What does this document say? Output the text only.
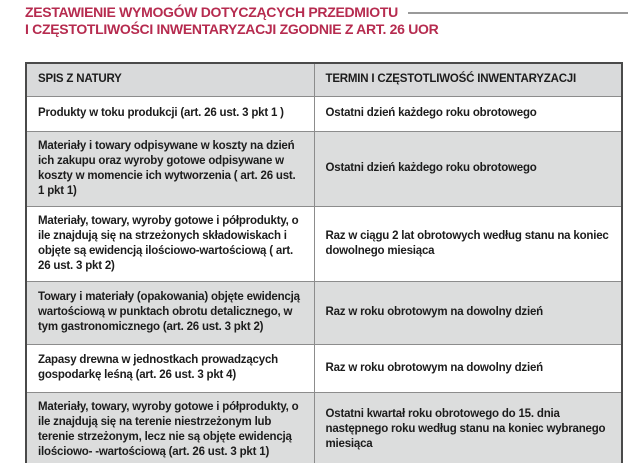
ZESTAWIENIE WYMOGÓW DOTYCZĄCYCH PRZEDMIOTU
I CZĘSTOTLIWOŚCI INWENTARYZACJI ZGODNIE Z ART. 26 UOR
SPIS Z NATURY	TERMIN I CZĘSTOTLIWOŚĆ INWENTARYZACJI
Produkty w toku produkcji (art. 26 ust. 3 pkt 1 )	Ostatni dzień każdego roku obrotowego
Materiały i towary odpisywane w koszty na dzień ich zakupu oraz wyroby gotowe odpisywane w koszty w momencie ich wytworzenia ( art. 26 ust. 1 pkt 1)	Ostatni dzień każdego roku obrotowego
Materiały, towary, wyroby gotowe i półprodukty, o ile znajdują się na strzeżonych składowiskach i objęte są ewidencją ilościowo-wartościową ( art. 26 ust. 3 pkt 2)	Raz w ciągu 2 lat obrotowych według stanu na koniec dowolnego miesiąca
Towary i materiały (opakowania) objęte ewidencją wartościową w punktach obrotu detalicznego, w tym gastronomicznego (art. 26 ust. 3 pkt 2)	Raz w roku obrotowym na dowolny dzień
Zapasy drewna w jednostkach prowadzących gospodarkę leśną (art. 26 ust. 3 pkt 4)	Raz w roku obrotowym na dowolny dzień
Materiały, towary, wyroby gotowe i półprodukty, o ile znajdują się na terenie niestrzeżonym lub terenie strzeżonym, lecz nie są objęte ewidencją ilościowo- -wartościową (art. 26 ust. 3 pkt 1)	Ostatni kwartał roku obrotowego do 15. dnia następnego roku według stanu na koniec wybranego miesiąca
